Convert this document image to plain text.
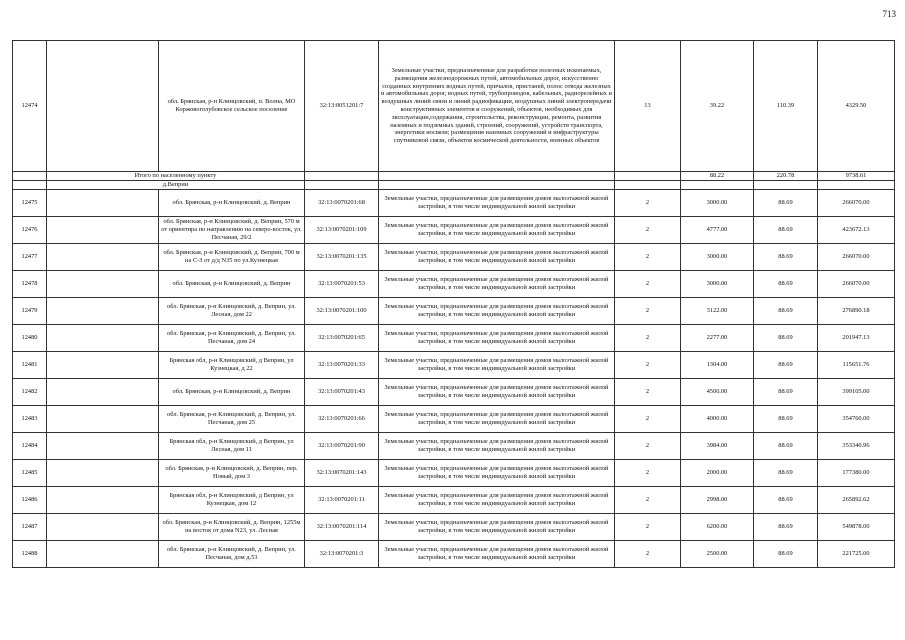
713
12474		обл. Брянская, р-н Клинцовский, п. Волна, МО Коржовоголубовское сельское поселение	32:13:0051201:7	Земельные участки, предназначенные для разработки полезных ископаемых, размещения железнодорожных путей, автомобильных дорог, искусственно созданных внутренних водных путей, причалов, пристаней, полос отвода железных и автомобильных дорог, водных путей, трубопроводов, кабельных, радиорелейных и воздушных линий связи и линий радиофикации, воздушных линий электропередачи конструктивных элементов и сооружений, объектов, необходимых для эксплуатации,содержания, строительства, реконструкции, ремонта, развития наземных и подземных зданий, строений, сооружений, устройств транспорта, энергетики иосвязи; размещения наземных сооружений и инфраструктуры спутниковой связи, объектов космической деятельности, военных объектов	13	39.22	110.39	4329.50
	Итого по населенному пункту					88.22	220.78	9738.61
	д.Веприн							
12475		обл. Брянская, р-н Клинцовский, д. Веприн	32:13:0070201:68	Земельные участки, предназначенные для размещения домов малоэтажной жилой застройки, в том числе индивидуальной жилой застройки	2	3000.00	88.69	266070.00
12476		обл. Брянская, р-н Клинцовский, д. Веприн, 570 м от ориентира по направлению на северо-восток, ул. Песчаная, 29/2	32:13:0070201:109	Земельные участки, предназначенные для размещения домов малоэтажной жилой застройки, в том числе индивидуальной жилой застройки	2	4777.00	88.69	423672.13
12477		обл. Брянская, р-н Клинцовский, д. Веприн, 700 м на С-З от д/д N35 по ул.Кузнецкая	32:13:0070201:135	Земельные участки, предназначенные для размещения домов малоэтажной жилой застройки, в том числе индивидуальной жилой застройки	2	3000.00	88.69	266070.00
12478		обл. Брянская, р-н Клинцовский, д. Веприн	32:13:0070201:53	Земельные участки, предназначенные для размещения домов малоэтажной жилой застройки, в том числе индивидуальной жилой застройки	2	3000.00	88.69	266070.00
12479		обл. Брянская, р-н Клинцовский, д. Веприн, ул. Лесная, дом 22	32:13:0070201:100	Земельные участки, предназначенные для размещения домов малоэтажной жилой застройки, в том числе индивидуальной жилой застройки	2	3122.00	88.69	276890.18
12480		обл. Брянская, р-н Клинцовский, д. Веприн, ул. Песчаная, дом 24	32:13:0070201:65	Земельные участки, предназначенные для размещения домов малоэтажной жилой застройки, в том числе индивидуальной жилой застройки	2	2277.00	88.69	201947.13
12481		Брянская обл, р-н Клинцовский, д Веприн, ул Кузнецкая, д 22	32:13:0070201:33	Земельные участки, предназначенные для размещения домов малоэтажной жилой застройки, в том числе индивидуальной жилой застройки	2	1304.00	88.69	115651.76
12482		обл. Брянская, р-н Клинцовский, д. Веприн	32:13:0070201:43	Земельные участки, предназначенные для размещения домов малоэтажной жилой застройки, в том числе индивидуальной жилой застройки	2	4500.00	88.69	399105.00
12483		обл. Брянская, р-н Клинцовский, д. Веприн, ул. Песчаная, дом 25	32:13:0070201:66	Земельные участки, предназначенные для размещения домов малоэтажной жилой застройки, в том числе индивидуальной жилой застройки	2	4000.00	88.69	354760.00
12484		Брянская обл, р-н Клинцовский, д Веприн, ул Лесная, дом 11	32:13:0070201:90	Земельные участки, предназначенные для размещения домов малоэтажной жилой застройки, в том числе индивидуальной жилой застройки	2	3984.00	88.69	353340.96
12485		обл. Брянская, р-н Клинцовский, д. Веприн, пер. Новый, дом 3	32:13:0070201:143	Земельные участки, предназначенные для размещения домов малоэтажной жилой застройки, в том числе индивидуальной жилой застройки	2	2000.00	88.69	177380.00
12486		Брянская обл, р-н Клинцовский, д Веприн, ул Кузнецкая, дом 12	32:13:0070201:11	Земельные участки, предназначенные для размещения домов малоэтажной жилой застройки, в том числе индивидуальной жилой застройки	2	2998.00	88.69	265892.62
12487		обл. Брянская, р-н Клинцовский, д. Веприн, 1255м на восток от дома N23, ул. Лесная	32:13:0070201:114	Земельные участки, предназначенные для размещения домов малоэтажной жилой застройки, в том числе индивидуальной жилой застройки	2	6200.00	88.69	549878.00
12488		обл. Брянская, р-н Клинцовский, д. Веприн, ул. Песчаная, дом д.53	32:13:0070201:3	Земельные участки, предназначенные для размещения домов малоэтажной жилой застройки, в том числе индивидуальной жилой застройки	2	2500.00	88.69	221725.00
